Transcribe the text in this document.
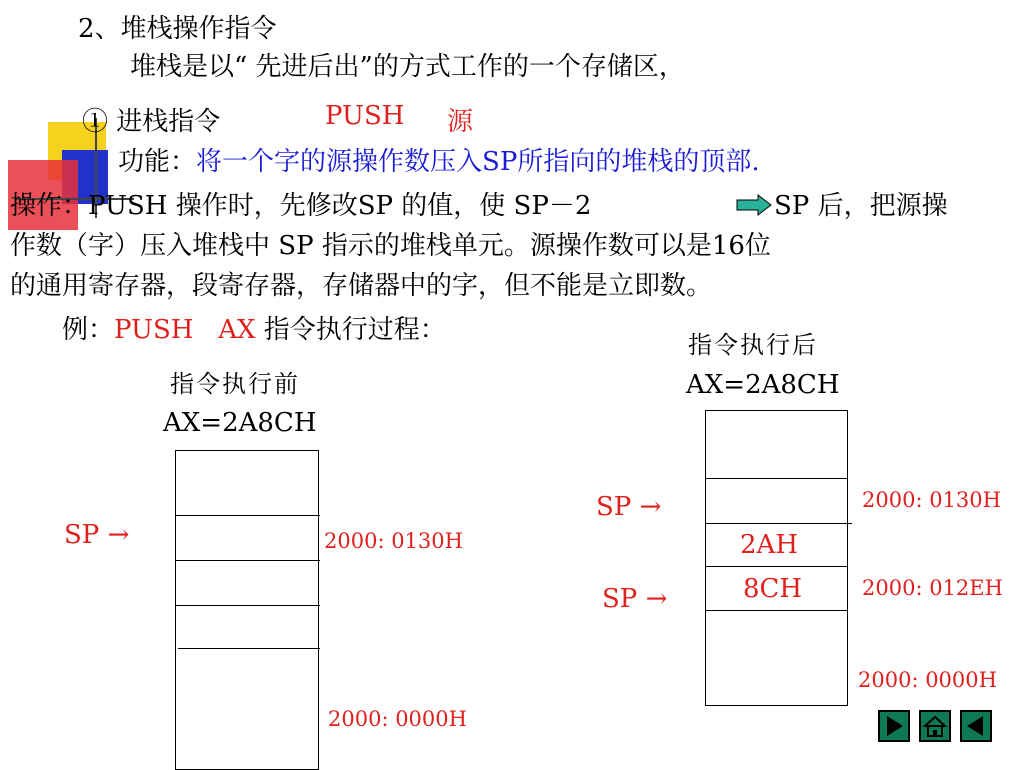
2、堆栈操作指令
堆栈是以“ 先进后出”的方式工作的一个存储区，
① 进栈指令	PUSH 源
功能：将一个字的源操作数压入SP所指向的堆栈的顶部.
操作：PUSH 操作时，先修改SP 的值，使 SP－2	SP 后，把源操
作数（字）压入堆栈中 SP 指示的堆栈单元。源操作数可以是16位
的通用寄存器，段寄存器，存储器中的字，但不能是立即数。
例：PUSH   AX 指令执行过程：
指令执行前
AX=2A8CH
SP →	2000: 0130H
2000: 0000H
指令执行后
AX=2A8CH
2AH
8CH
SP →
SP →
2000: 0130H
2000: 012EH
2000: 0000H
